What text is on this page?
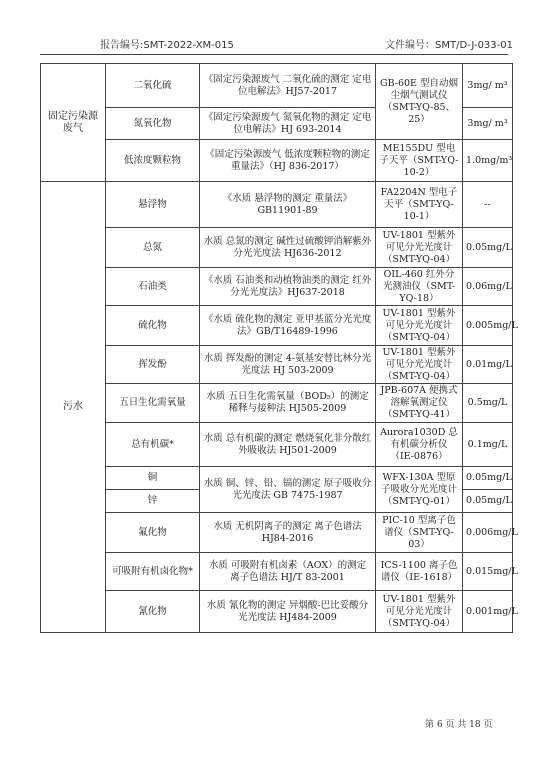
报告编号:SMT-2022-XM-015	文件编号：SMT/D-J-033-01
固定污染源废气	二氧化硫	《固定污染源废气 二氧化硫的测定 定电位电解法》HJ57-2017	GB-60E 型自动烟尘烟气测试仪（SMT-YQ-85、25）	3mg/ m³
	氮氧化物	《固定污染源废气 氮氧化物的测定 定电位电解法》HJ 693-2014		3mg/ m³
	低浓度颗粒物	《固定污染源废气 低浓度颗粒物的测定 重量法》（HJ 836-2017）	ME155DU 型电子天平（SMT-YQ-10-2）	1.0mg/m³
污水	悬浮物	《水质 悬浮物的测定 重量法》GB11901-89	FA2204N 型电子天平（SMT-YQ-10-1）	--
	总氮	水质 总氮的测定 碱性过硫酸钾消解紫外分光光度法 HJ636-2012	UV-1801 型紫外可见分光光度计（SMT-YQ-04）	0.05mg/L
	石油类	《水质 石油类和动植物油类的测定 红外分光光度法》HJ637-2018	OIL-460 红外分光测油仪（SMT-YQ-18）	0.06mg/L
	硫化物	《水质 硫化物的测定 亚甲基蓝分光光度法》GB/T16489-1996	UV-1801 型紫外可见分光光度计（SMT-YQ-04）	0.005mg/L
	挥发酚	水质 挥发酚的测定 4-氨基安替比林分光光度法 HJ 503-2009	UV-1801 型紫外可见分光光度计（SMT-YQ-04）	0.01mg/L
	五日生化需氧量	水质 五日生化需氧量（BOD₅）的测定 稀释与接种法 HJ505-2009	JPB-607A 便携式溶解氧测定仪（SMT-YQ-41）	0.5mg/L
	总有机碳*	水质 总有机碳的测定 燃烧氧化非分散红外吸收法 HJ501-2009	Aurora1030D 总有机碳分析仪（IE-0876）	0.1mg/L
	铜	水质 铜、锌、铅、镉的测定 原子吸收分光光度法 GB 7475-1987	WFX-130A 型原子吸收分光光度计（SMT-YQ-01）	0.05mg/L
	锌			0.05mg/L
	氟化物	水质 无机阴离子的测定 离子色谱法 HJ84-2016	PIC-10 型离子色谱仪（SMT-YQ-03）	0.006mg/L
	可吸附有机卤化物*	水质 可吸附有机卤素（AOX）的测定 离子色谱法 HJ/T 83-2001	ICS-1100 离子色谱仪（IE-1618）	0.015mg/L
	氰化物	水质 氰化物的测定 异烟酸-巴比妥酸分光光度法 HJ484-2009	UV-1801 型紫外可见分光光度计（SMT-YQ-04）	0.001mg/L
第 6 页 共 18 页
